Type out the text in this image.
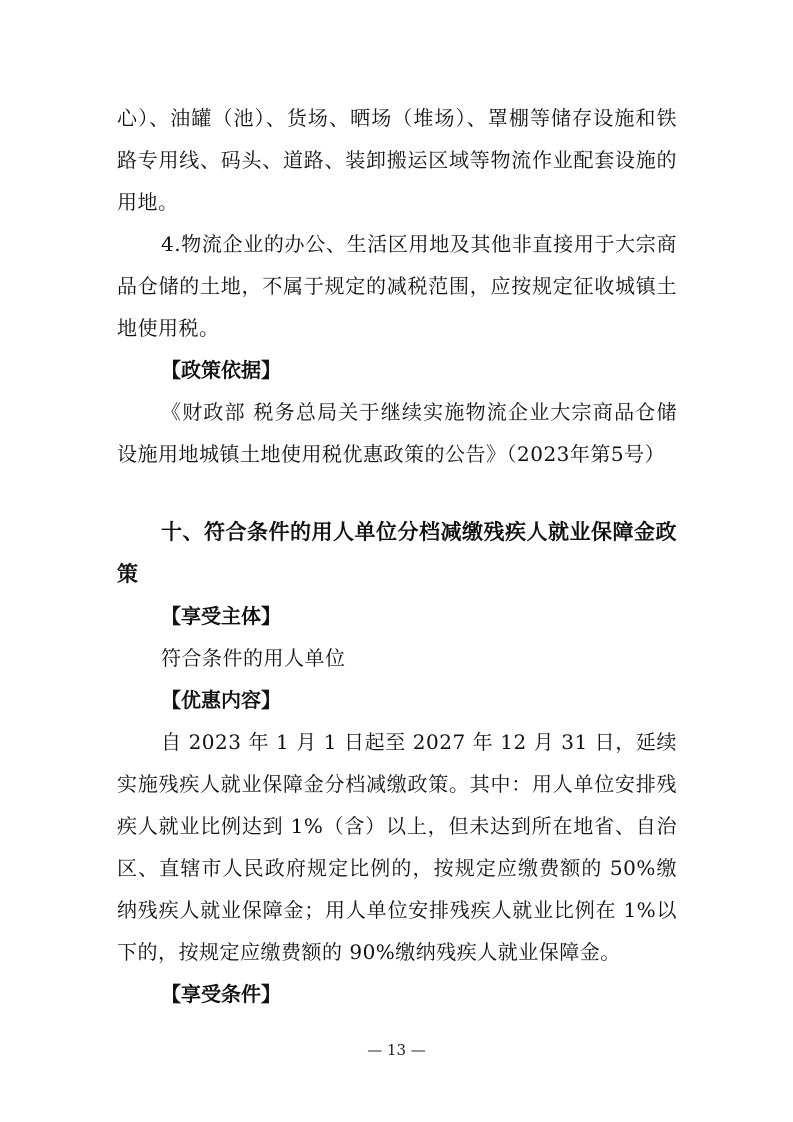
心）、油罐（池）、货场、晒场（堆场）、罩棚等储存设施和铁路专用线、码头、道路、装卸搬运区域等物流作业配套设施的用地。

4.物流企业的办公、生活区用地及其他非直接用于大宗商品仓储的土地，不属于规定的减税范围，应按规定征收城镇土地使用税。

【政策依据】

《财政部 税务总局关于继续实施物流企业大宗商品仓储设施用地城镇土地使用税优惠政策的公告》（2023年第5号）

十、符合条件的用人单位分档减缴残疾人就业保障金政策

【享受主体】

符合条件的用人单位

【优惠内容】

自 2023 年 1 月 1 日起至 2027 年 12 月 31 日，延续实施残疾人就业保障金分档减缴政策。其中：用人单位安排残疾人就业比例达到 1%（含）以上，但未达到所在地省、自治区、直辖市人民政府规定比例的，按规定应缴费额的 50%缴纳残疾人就业保障金；用人单位安排残疾人就业比例在 1%以下的，按规定应缴费额的 90%缴纳残疾人就业保障金。

【享受条件】

— 13 —
